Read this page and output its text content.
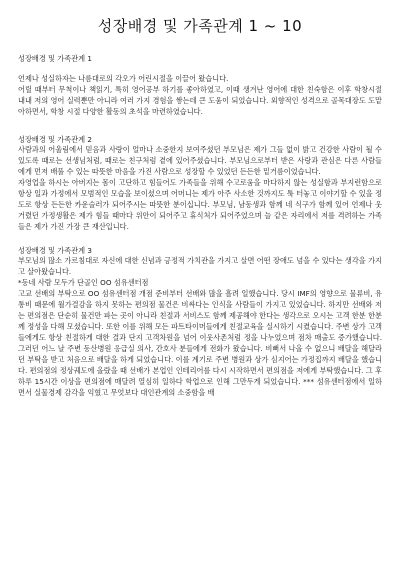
성장배경 및 가족관계 1 ~ 10

성장배경 및 가족관계 1

언제나 성실하자는 나름대로의 각오가 어린시절을 이끌어 왔습니다.

어릴 때부터 무척이나 책읽기, 특히 영어공부 하기를 좋아하였고, 이때 생겨난 영어에 대한 친숙함은 이후 학창시절 내내 저의 영어 실력뿐만 아니라 여러 가지 경험을 쌓는데 큰 도움이 되었습니다. 외향적인 성격으로 골목대장도 도맡아하면서, 학창 시절 다양한 활동의 초석을 마련하였습니다.

성장배경 및 가족관계 2

사람과의 어울림에서 믿음과 사랑이 얼마나 소중한지 보여주셨던 부모님은 제가 그들 없이 밝고 건강한 사람이 될 수 있도록 때로는 선생님처럼, 때로는 친구처럼 곁에 있어주셨습니다. 부모님으로부터 받은 사랑과 관심은 다른 사람들에게 먼저 배풀 수 있는 따뜻한 마음을 가진 사람으로 성장할 수 있었던 든든한 밑거름이었습니다.

자영업을 하시는 아버지는 몸이 고단하고 힘들어도 가족들을 위해 수고로움을 마다하지 않는 성실함과 부지런함으로 항상 일과 가정에서 모범적인 모습을 보이셨으며 어머니는 제가 아주 사소한 것까지도 툭 터놓고 이야기할 수 있을 정도로 항상 든든한 카운슬러가 되어주시는 따뜻한 분이십니다. 부모님, 남동생과 함께 네 식구가 함께 있어 언제나 웃거렸던 가정생활은 제가 힘들 때마다 위안이 되어주고 휴식처가 되어주었으며 늘 같은 자리에서 저를 격려하는 가족들은 제가 가진 가장 큰 재산입니다.

성장배경 및 가족관계 3

부모님의 많소 가르침대로 자신에 대한 신념과 긍정적 가치관을 가지고 살면 어떤 장애도 넘을 수 있다는 생각을 가지고 살아왔습니다.

*동네 사람 모두가 단골인 OO 섬유센터점

고교 선배의 부탁으로 OO 섬유센터점 개점 준비부터 선배와 많을 흘려 일했습니다. 당시 IMF의 영향으로 물류비, 유통비 때문에 월가결감을 하지 못하는 편의점 물건은 비싸다는 인식을 사람들이 가지고 있었습니다. 하지만 선배와 저는 편의점은 단순히 물건만 파는 곳이 아니라 친절과 서비스도 함께 제공해야 한다는 생각으로 오시는 고객 한분 한분께 정성을 다해 모셨습니다. 또한 이를 위해 모든 파트타이머들에게 친절교육을 실시하기 시켰습니다. 주변 상가 고객들에게도 항상 친절하게 대한 결과 단지 고객차원을 넘어 이웃사촌처럼 정을 나누었으며 점차 매출도 증가했습니다. 그러던 어느 날 주변 동산병원 응급실 의사, 간호사 분들에게 전화가 왔습니다. 비뻐서 나올 수 없으니 배달을 해달라던 부탁을 받고 처음으로 배달을 하게 되었습니다. 이를 계기로 주변 병원과 상가 심지어는 가정집까지 배달을 했습니다. 편의점의 정상궤도에 올랐을 때 선배가 본업인 인테리어를 다시 시작하면서 편의점을 저에게 부탁했습니다. 그 후 하루 15시간 이상을 편의점에 매달려 열심히 일하다 학업으로 인해 그만두게 되었습니다. *** 섬유센터점에서 일하면서 실물경제 감각을 익혔고 무엇보다 대인관계의 소중함을 배
